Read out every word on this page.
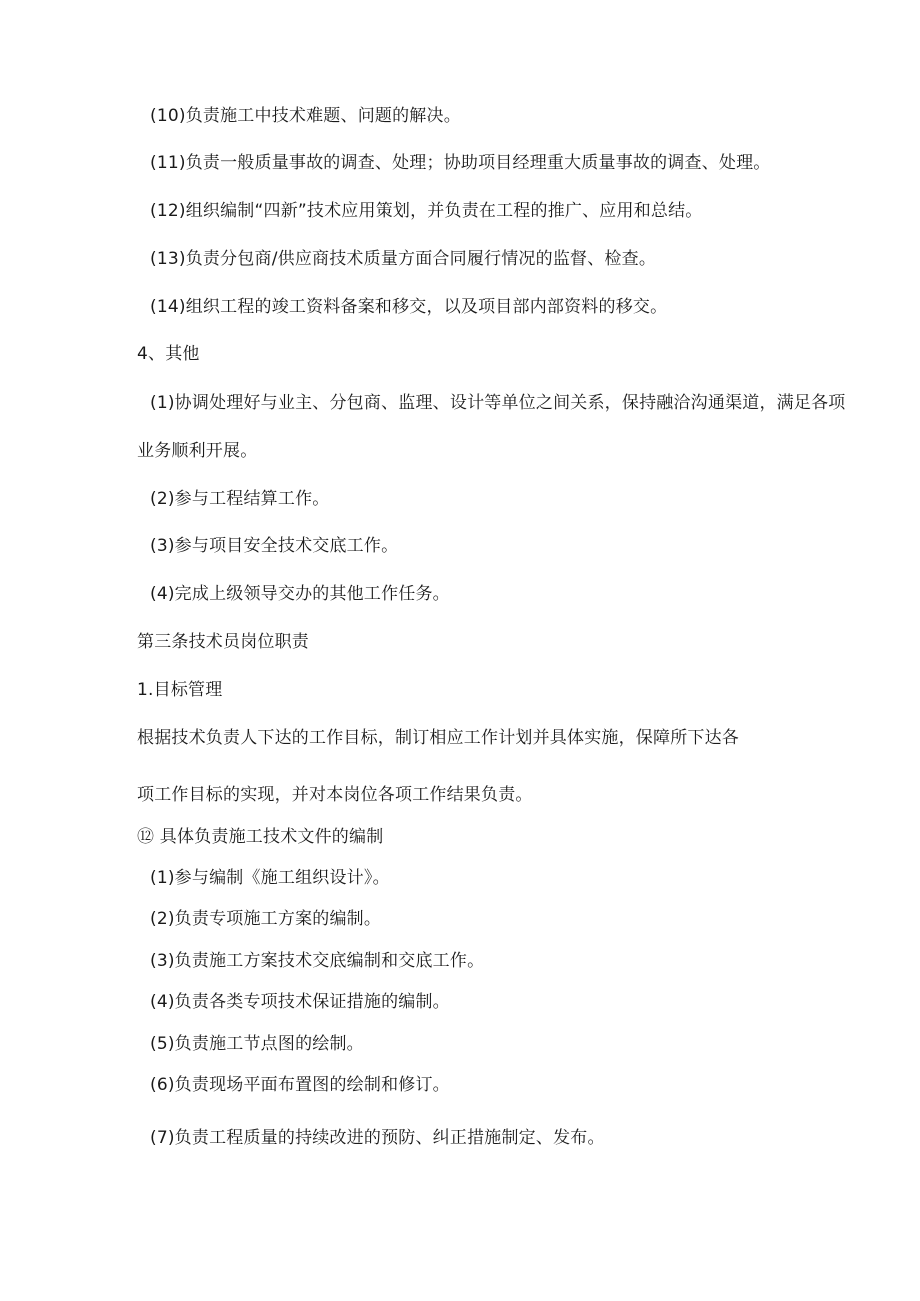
(10)负责施工中技术难题、问题的解决。
(11)负责一般质量事故的调查、处理；协助项目经理重大质量事故的调查、处理。
(12)组织编制“四新”技术应用策划，并负责在工程的推广、应用和总结。
(13)负责分包商/供应商技术质量方面合同履行情况的监督、检查。
(14)组织工程的竣工资料备案和移交，以及项目部内部资料的移交。
4、其他
(1)协调处理好与业主、分包商、监理、设计等单位之间关系，保持融洽沟通渠道，满足各项
业务顺利开展。
(2)参与工程结算工作。
(3)参与项目安全技术交底工作。
(4)完成上级领导交办的其他工作任务。
第三条技术员岗位职责
1.目标管理
根据技术负责人下达的工作目标，制订相应工作计划并具体实施，保障所下达各
项工作目标的实现，并对本岗位各项工作结果负责。
⑫ 具体负责施工技术文件的编制
(1)参与编制《施工组织设计》。
(2)负责专项施工方案的编制。
(3)负责施工方案技术交底编制和交底工作。
(4)负责各类专项技术保证措施的编制。
(5)负责施工节点图的绘制。
(6)负责现场平面布置图的绘制和修订。
(7)负责工程质量的持续改进的预防、纠正措施制定、发布。
